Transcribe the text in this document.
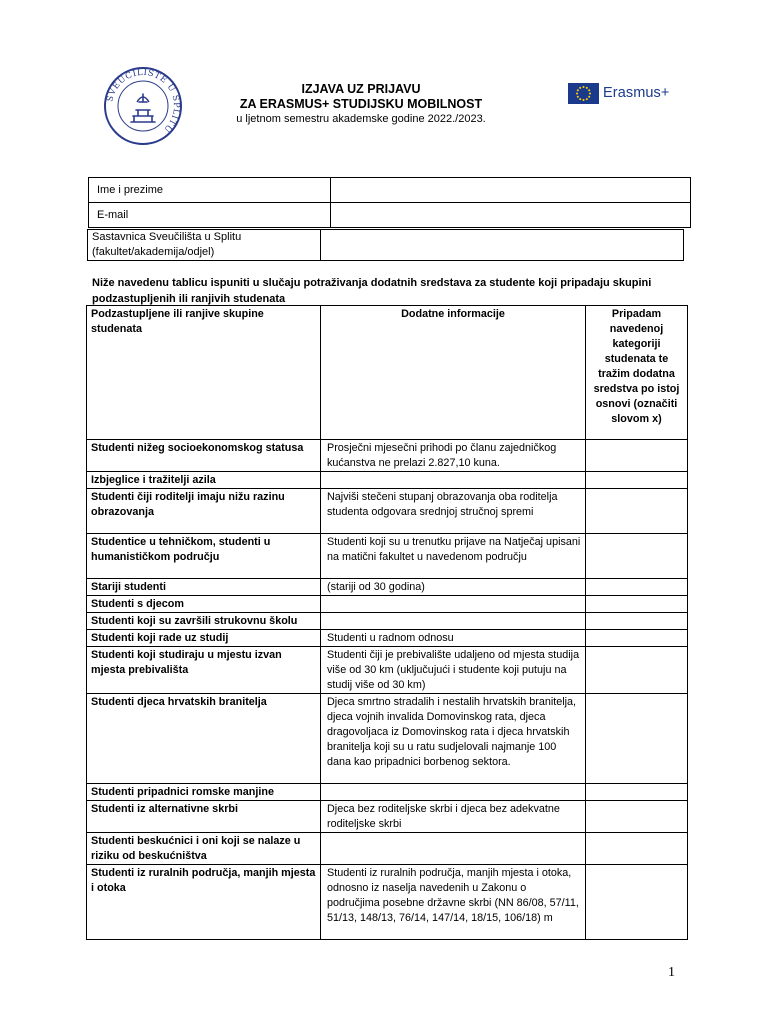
SVEUČILIŠTE U SPLITU
IZJAVA UZ PRIJAVU
ZA ERASMUS+ STUDIJSKU MOBILNOST
u ljetnom semestru akademske godine 2022./2023.
Erasmus+
Ime i prezime	
E-mail	
Sastavnica Sveučilišta u Splitu
(fakultet/akademija/odjel)

Niže navedenu tablicu ispuniti u slučaju potraživanja dodatnih sredstava za studente koji pripadaju skupini podzastupljenih ili ranjivih studenata
Podzastupljene ili ranjive skupine studenata	Dodatne informacije	Pripadam navedenoj kategoriji studenata te tražim dodatna sredstva po istoj osnovi (označiti slovom x)
Studenti nižeg socioekonomskog statusa	Prosječni mjesečni prihodi po članu zajedničkog kućanstva ne prelazi 2.827,10 kuna.	
Izbjeglice i tražitelji azila		
Studenti čiji roditelji imaju nižu razinu obrazovanja	Najviši stečeni stupanj obrazovanja oba roditelja studenta odgovara srednjoj stručnoj spremi	
Studentice u tehničkom, studenti u humanističkom području	Studenti koji su u trenutku prijave na Natječaj upisani na matični fakultet u navedenom području	
Stariji studenti	(stariji od 30 godina)	
Studenti s djecom		
Studenti koji su završili strukovnu školu		
Studenti koji rade uz studij	Studenti u radnom odnosu	
Studenti koji studiraju u mjestu izvan mjesta prebivališta	Studenti čiji je prebivalište udaljeno od mjesta studija više od 30 km (uključujući i studente koji putuju na studij više od 30 km)	
Studenti djeca hrvatskih branitelja	Djeca smrtno stradalih i nestalih hrvatskih branitelja, djeca vojnih invalida Domovinskog rata, djeca dragovoljaca iz Domovinskog rata i djeca hrvatskih branitelja koji su u ratu sudjelovali najmanje 100 dana kao pripadnici borbenog sektora.	
Studenti pripadnici romske manjine		
Studenti iz alternativne skrbi	Djeca bez roditeljske skrbi i djeca bez adekvatne roditeljske skrbi	
Studenti beskućnici i oni koji se nalaze u riziku od beskućništva		
Studenti iz ruralnih područja, manjih mjesta i otoka	Studenti iz ruralnih područja, manjih mjesta i otoka, odnosno iz naselja navedenih u Zakonu o područjima posebne državne skrbi (NN 86/08, 57/11, 51/13, 148/13, 76/14, 147/14, 18/15, 106/18) m	
1
